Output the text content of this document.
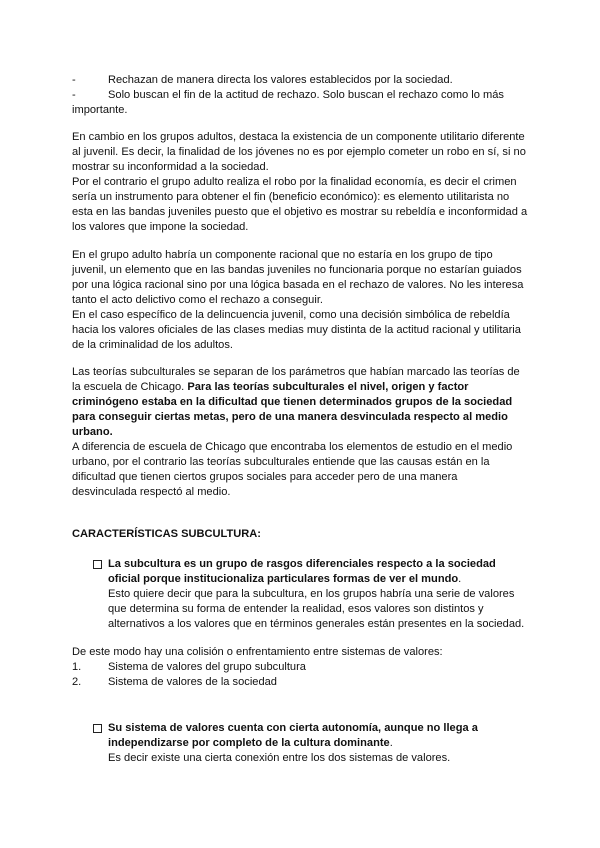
-	Rechazan de manera directa los valores establecidos por la sociedad.
-	Solo buscan el fin de la actitud de rechazo. Solo buscan el rechazo como lo más
importante.
En cambio en los grupos adultos, destaca la existencia de un componente utilitario diferente
al juvenil. Es decir, la finalidad de los jóvenes no es por ejemplo cometer un robo en sí, si no
mostrar su inconformidad a la sociedad.
Por el contrario el grupo adulto realiza el robo por la finalidad economía, es decir el crimen
sería un instrumento para obtener el fin (beneficio económico): es elemento utilitarista no
esta en las bandas juveniles puesto que el objetivo es mostrar su rebeldía e inconformidad a
los valores que impone la sociedad.
En el grupo adulto habría un componente racional que no estaría en los grupo de tipo
juvenil, un elemento que en las bandas juveniles no funcionaria porque no estarían guiados
por una lógica racional sino por una lógica basada en el rechazo de valores. No les interesa
tanto el acto delictivo como el rechazo a conseguir.
En el caso específico de la delincuencia juvenil, como una decisión simbólica de rebeldía
hacia los valores oficiales de las clases medias muy distinta de la actitud racional y utilitaria
de la criminalidad de los adultos.
Las teorías subculturales se separan de los parámetros que habían marcado las teorías de
la escuela de Chicago. Para las teorías subculturales el nivel, origen y factor
criminógeno estaba en la dificultad que tienen determinados grupos de la sociedad
para conseguir ciertas metas, pero de una manera desvinculada respecto al medio
urbano.
A diferencia de escuela de Chicago que encontraba los elementos de estudio en el medio
urbano, por el contrario las teorías subculturales entiende que las causas están en la
dificultad que tienen ciertos grupos sociales para acceder pero de una manera
desvinculada respectó al medio.
CARACTERÍSTICAS SUBCULTURA:
La subcultura es un grupo de rasgos diferenciales respecto a la sociedad
oficial porque institucionaliza particulares formas de ver el mundo.
Esto quiere decir que para la subcultura, en los grupos habría una serie de valores
que determina su forma de entender la realidad, esos valores son distintos y
alternativos a los valores que en términos generales están presentes en la sociedad.
De este modo hay una colisión o enfrentamiento entre sistemas de valores:
1. Sistema de valores del grupo subcultura
2. Sistema de valores de la sociedad
Su sistema de valores cuenta con cierta autonomía, aunque no llega a
independizarse por completo de la cultura dominante.
Es decir existe una cierta conexión entre los dos sistemas de valores.
